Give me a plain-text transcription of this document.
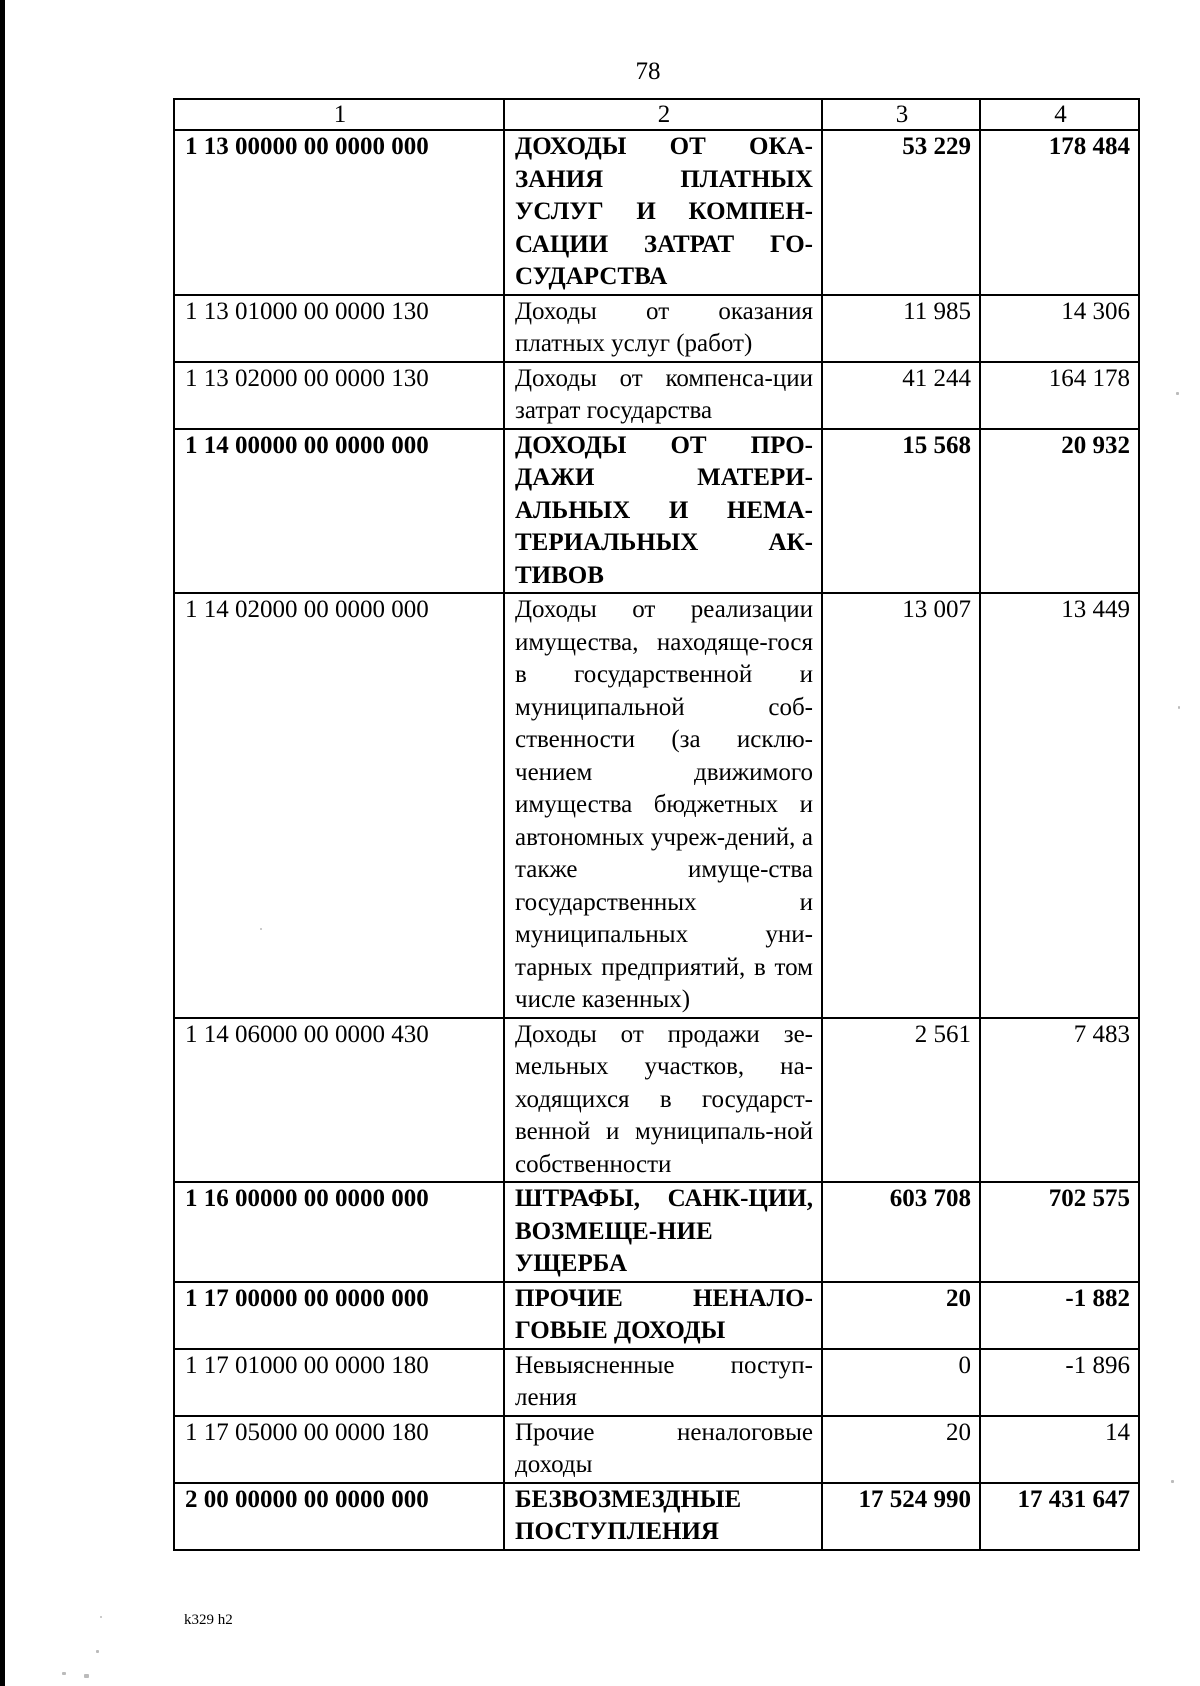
78
1	2	3	4
1 13 00000 00 0000 000	ДОХОДЫ ОТ ОКА-ЗАНИЯ ПЛАТНЫХ УСЛУГ И КОМПЕН-САЦИИ ЗАТРАТ ГО-СУДАРСТВА	53 229	178 484
1 13 01000 00 0000 130	Доходы от оказания платных услуг (работ)	11 985	14 306
1 13 02000 00 0000 130	Доходы от компенса-ции затрат государства	41 244	164 178
1 14 00000 00 0000 000	ДОХОДЫ ОТ ПРО-ДАЖИ МАТЕРИ-АЛЬНЫХ И НЕМА-ТЕРИАЛЬНЫХ АК-ТИВОВ	15 568	20 932
1 14 02000 00 0000 000	Доходы от реализации имущества, находяще-гося в государственной и муниципальной соб-ственности (за исклю-чением движимого имущества бюджетных и автономных учреж-дений, а также имуще-ства государственных и муниципальных уни-тарных предприятий, в том числе казенных)	13 007	13 449
1 14 06000 00 0000 430	Доходы от продажи зе-мельных участков, на-ходящихся в государст-венной и муниципаль-ной собственности	2 561	7 483
1 16 00000 00 0000 000	ШТРАФЫ, САНК-ЦИИ, ВОЗМЕЩЕ-НИЕ УЩЕРБА	603 708	702 575
1 17 00000 00 0000 000	ПРОЧИЕ НЕНАЛО-ГОВЫЕ ДОХОДЫ	20	-1 882
1 17 01000 00 0000 180	Невыясненные поступ-ления	0	-1 896
1 17 05000 00 0000 180	Прочие неналоговые доходы	20	14
2 00 00000 00 0000 000	БЕЗВОЗМЕЗДНЫЕ ПОСТУПЛЕНИЯ	17 524 990	17 431 647
k329 h2
